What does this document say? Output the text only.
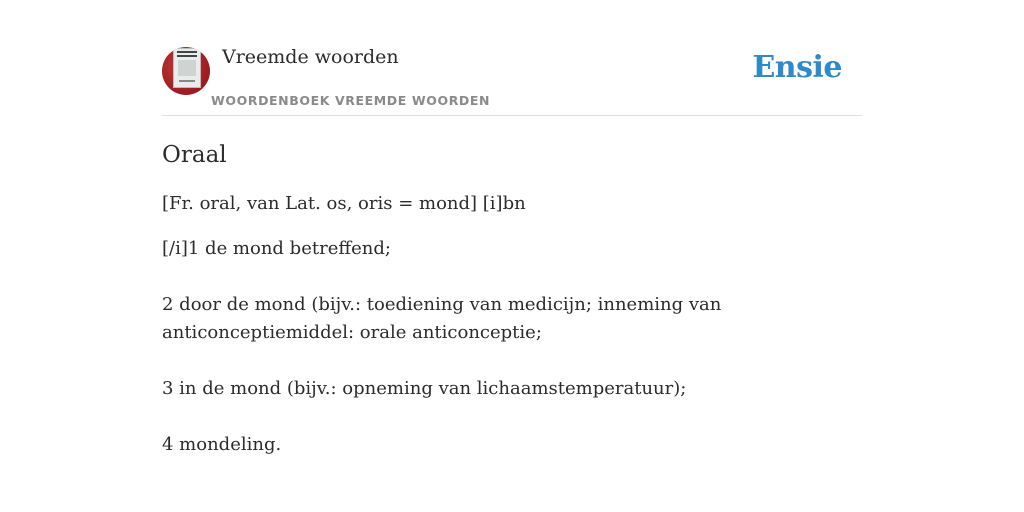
Vreemde woorden
WOORDENBOEK VREEMDE WOORDEN
Ensie
Oraal
[Fr. oral, van Lat. os, oris = mond] [i]bn

[/i]1 de mond betreffend;

2 door de mond (bijv.: toediening van medicijn; inneming van anticonceptiemiddel: orale anticonceptie;

3 in de mond (bijv.: opneming van lichaamstemperatuur);

4 mondeling.
